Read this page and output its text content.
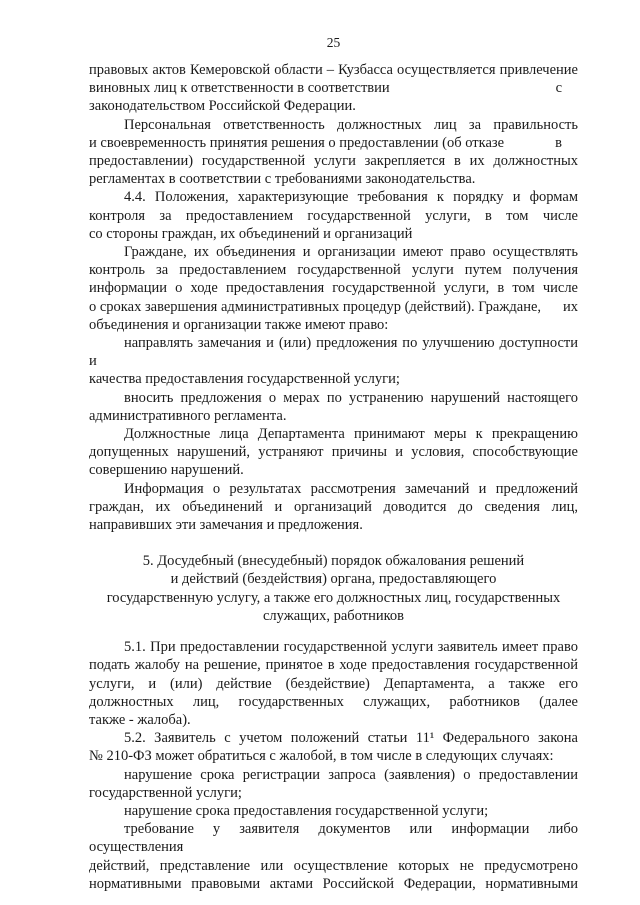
25
правовых актов Кемеровской области – Кузбасса осуществляется привлечение
виновных лиц к ответственности в соответствии	с
законодательством Российской Федерации.
Персональная ответственность должностных лиц за правильность
и своевременность принятия решения о предоставлении (об отказе	в
предоставлении) государственной услуги закрепляется в их должностных
регламентах в соответствии с требованиями законодательства.
4.4. Положения, характеризующие требования к порядку и формам
контроля за предоставлением государственной услуги, в том числе
со стороны граждан, их объединений и организаций
Граждане, их объединения и организации имеют право осуществлять
контроль за предоставлением государственной услуги путем получения
информации о ходе предоставления государственной услуги, в том числе
о сроках завершения административных процедур (действий). Граждане, их
объединения и организации также имеют право:
направлять замечания и (или) предложения по улучшению доступности и
качества предоставления государственной услуги;
вносить предложения о мерах по устранению нарушений настоящего
административного регламента.
Должностные лица Департамента принимают меры к прекращению
допущенных нарушений, устраняют причины и условия, способствующие
совершению нарушений.
Информация о результатах рассмотрения замечаний и предложений
граждан, их объединений и организаций доводится до сведения лиц,
направивших эти замечания и предложения.
5. Досудебный (внесудебный) порядок обжалования решений
и действий (бездействия) органа, предоставляющего
государственную услугу, а также его должностных лиц, государственных
служащих, работников
5.1. При предоставлении государственной услуги заявитель имеет право
подать жалобу на решение, принятое в ходе предоставления государственной
услуги, и (или) действие (бездействие) Департамента, а также его
должностных лиц, государственных служащих, работников (далее
также - жалоба).
5.2. Заявитель с учетом положений статьи 11¹ Федерального закона
№ 210-ФЗ может обратиться с жалобой, в том числе в следующих случаях:
нарушение срока регистрации запроса (заявления) о предоставлении
государственной услуги;
нарушение срока предоставления государственной услуги;
требование у заявителя документов или информации либо осуществления
действий, представление или осуществление которых не предусмотрено
нормативными правовыми актами Российской Федерации, нормативными
